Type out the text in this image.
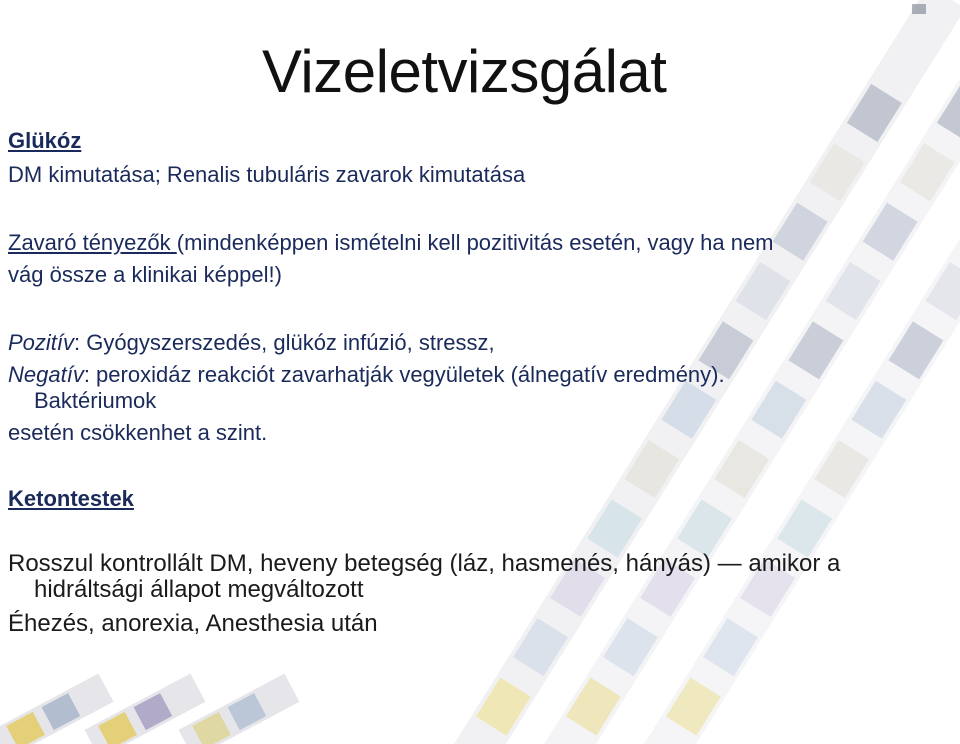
Vizeletvizsgálat
Glükóz
DM kimutatása; Renalis tubuláris zavarok kimutatása
Zavaró tényezők (mindenképpen ismételni kell pozitivitás esetén, vagy ha nem
vág össze a klinikai képpel!)
Pozitív: Gyógyszerszedés, glükóz infúzió, stressz,
Negatív: peroxidáz reakciót zavarhatják vegyületek (álnegatív eredmény).
Baktériumok
esetén csökkenhet a szint.
Ketontestek
Rosszul kontrollált DM, heveny betegség (láz, hasmenés, hányás) — amikor a
hidráltsági állapot megváltozott
Éhezés, anorexia, Anesthesia után
